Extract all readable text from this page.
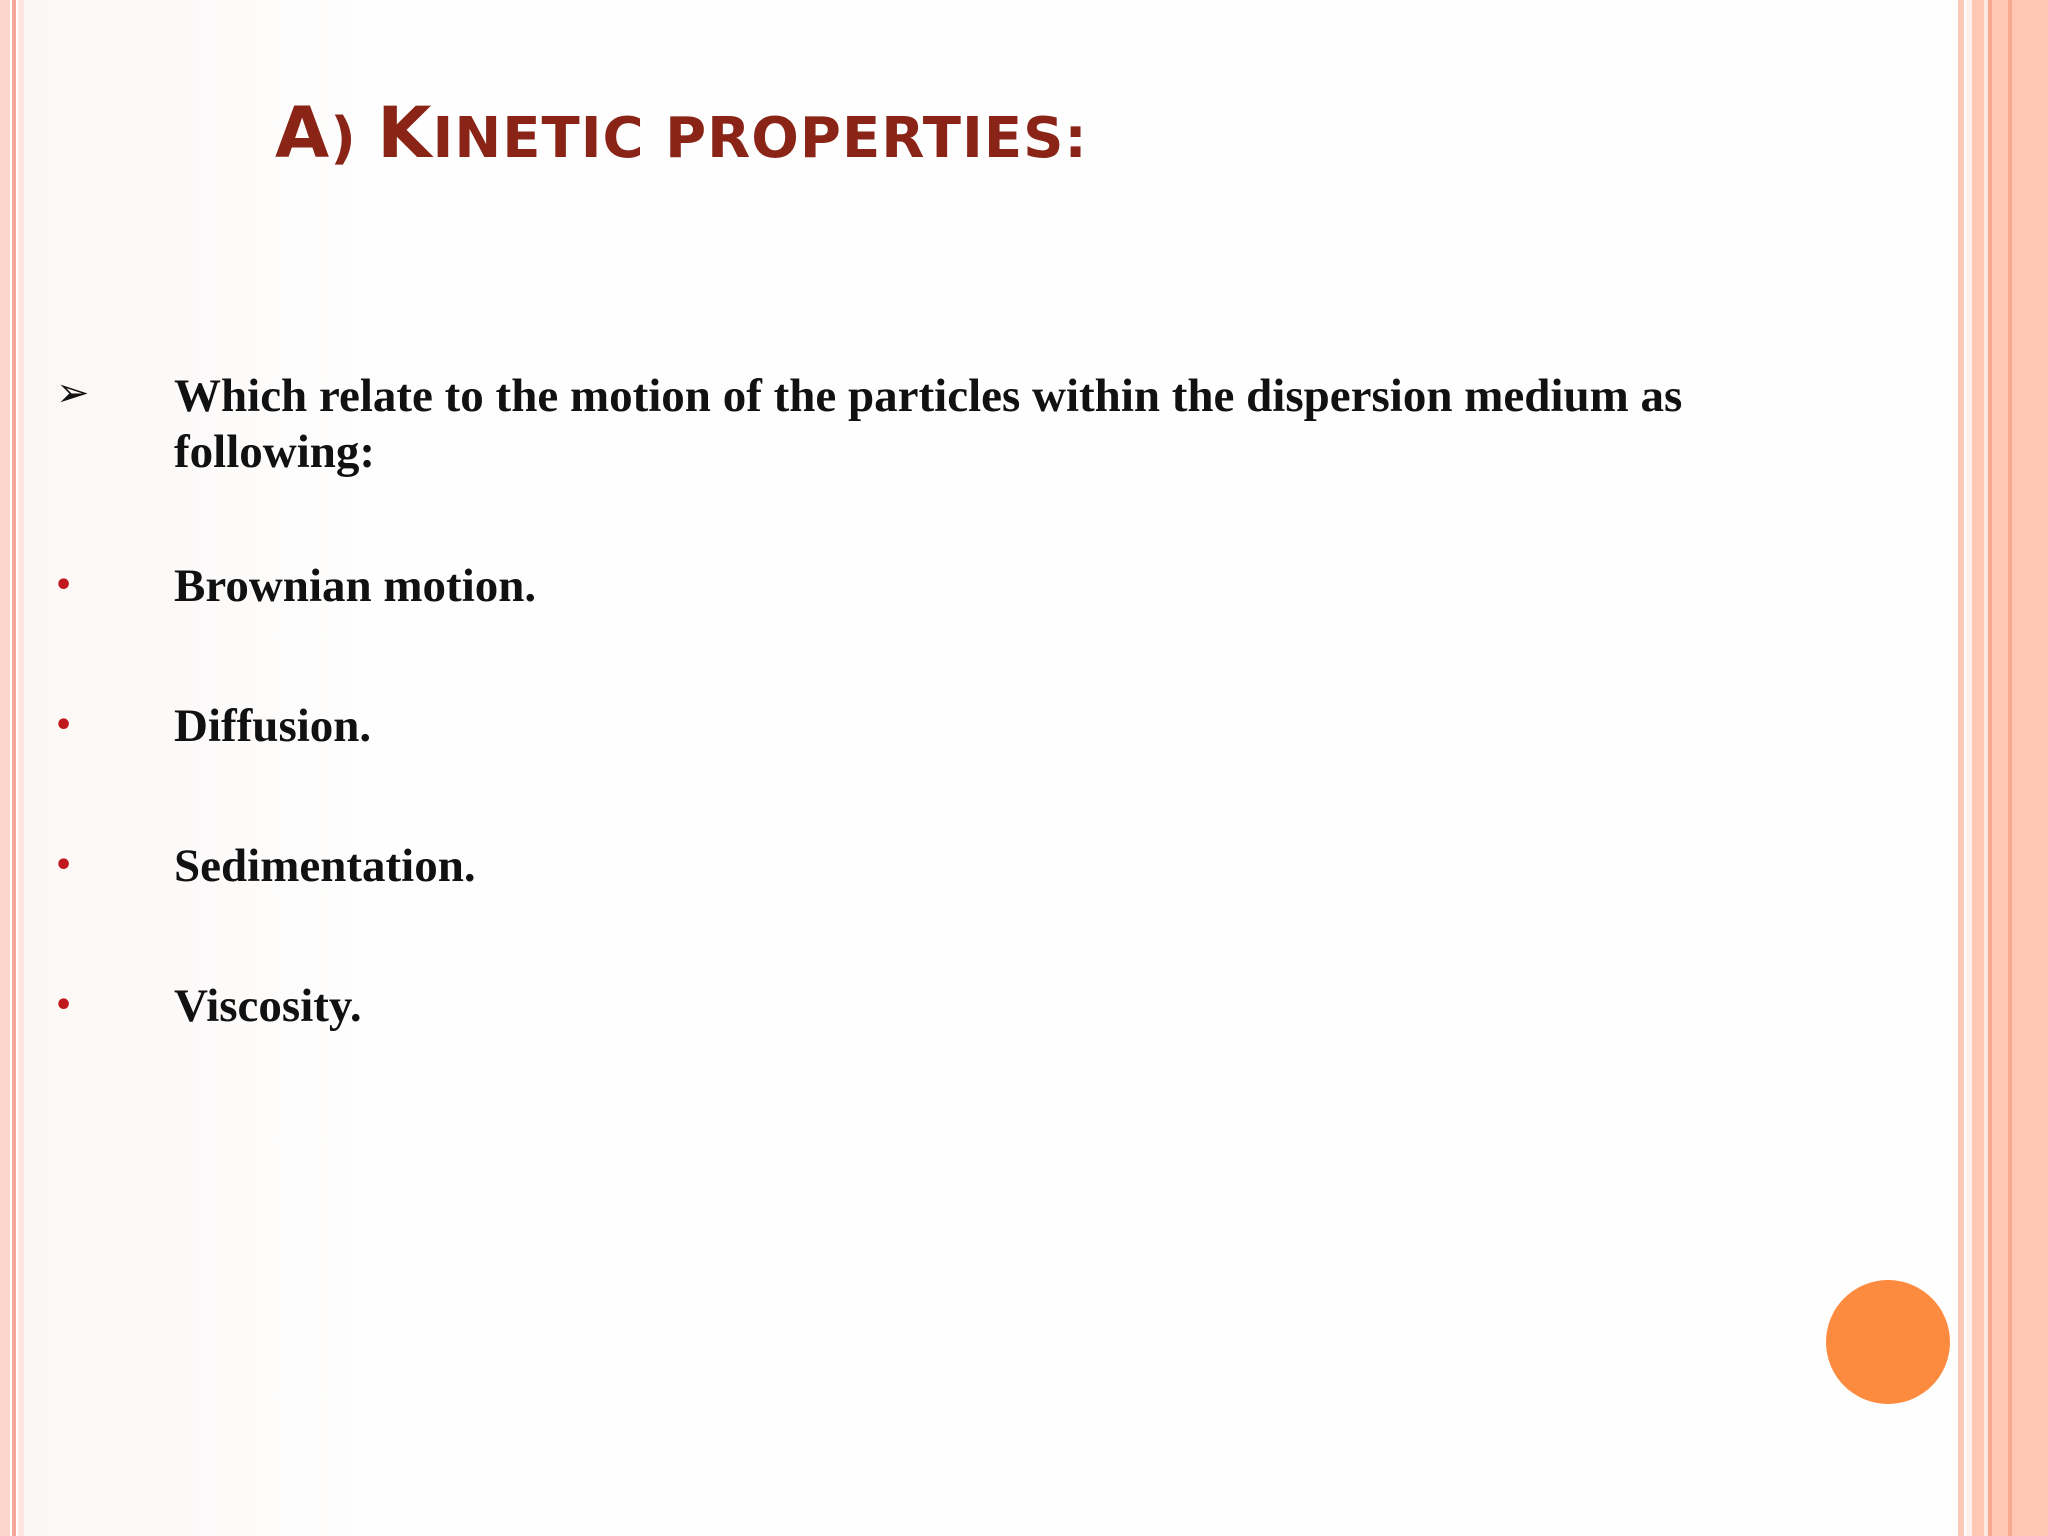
A) KINETIC PROPERTIES:
➢ Which relate to the motion of the particles within the dispersion medium as following:
• Brownian motion.
• Diffusion.
• Sedimentation.
• Viscosity.
